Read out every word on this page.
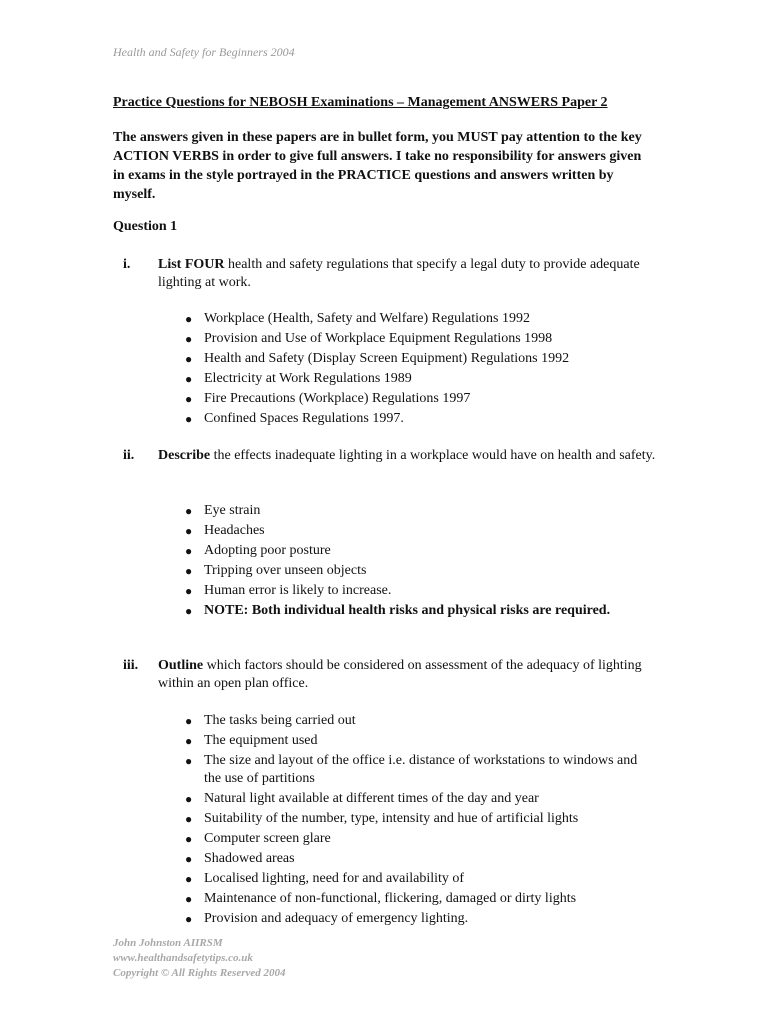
Health and Safety for Beginners 2004
Practice Questions for NEBOSH Examinations – Management ANSWERS Paper 2
The answers given in these papers are in bullet form, you MUST pay attention to the key ACTION VERBS in order to give full answers. I take no responsibility for answers given in exams in the style portrayed in the PRACTICE questions and answers written by myself.
Question 1
i. List FOUR health and safety regulations that specify a legal duty to provide adequate lighting at work.
● Workplace (Health, Safety and Welfare) Regulations 1992
● Provision and Use of Workplace Equipment Regulations 1998
● Health and Safety (Display Screen Equipment) Regulations 1992
● Electricity at Work Regulations 1989
● Fire Precautions (Workplace) Regulations 1997
● Confined Spaces Regulations 1997.
ii. Describe the effects inadequate lighting in a workplace would have on health and safety.
● Eye strain
● Headaches
● Adopting poor posture
● Tripping over unseen objects
● Human error is likely to increase.
● NOTE: Both individual health risks and physical risks are required.
iii. Outline which factors should be considered on assessment of the adequacy of lighting within an open plan office.
● The tasks being carried out
● The equipment used
● The size and layout of the office i.e. distance of workstations to windows and the use of partitions
● Natural light available at different times of the day and year
● Suitability of the number, type, intensity and hue of artificial lights
● Computer screen glare
● Shadowed areas
● Localised lighting, need for and availability of
● Maintenance of non-functional, flickering, damaged or dirty lights
● Provision and adequacy of emergency lighting.
John Johnston AIIRSM
www.healthandsafetytips.co.uk
Copyright © All Rights Reserved 2004
